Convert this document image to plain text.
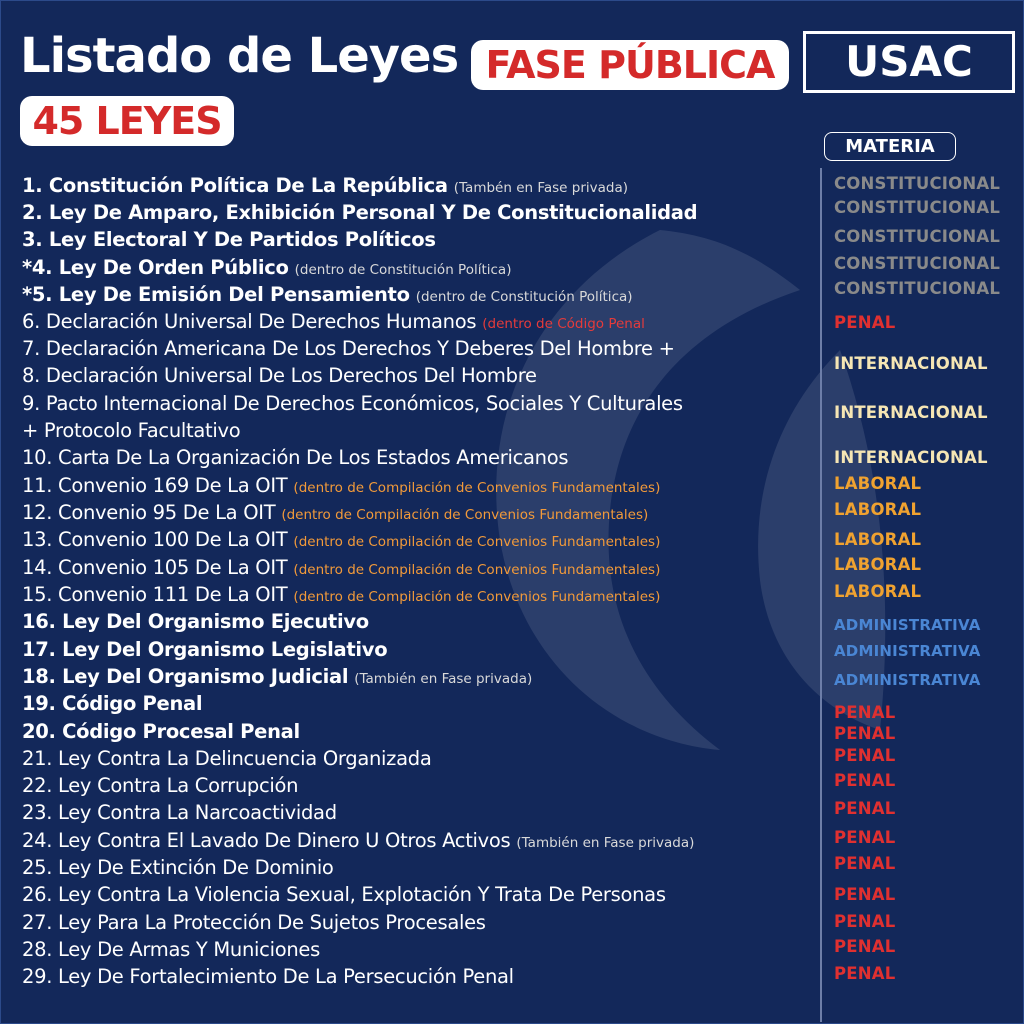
Listado de Leyes FASE PÚBLICA
45 LEYES
USAC
MATERIA
1. Constitución Política De La República (Tambén en Fase privada)
2. Ley De Amparo, Exhibición Personal Y De Constitucionalidad
3. Ley Electoral Y De Partidos Políticos
*4. Ley De Orden Público (dentro de Constitución Política)
*5. Ley De Emisión Del Pensamiento (dentro de Constitución Política)
6. Declaración Universal De Derechos Humanos (dentro de Código Penal
7. Declaración Americana De Los Derechos Y Deberes Del Hombre +
8. Declaración Universal De Los Derechos Del Hombre
9. Pacto Internacional De Derechos Económicos, Sociales Y Culturales
+ Protocolo Facultativo
10. Carta De La Organización De Los Estados Americanos
11. Convenio 169 De La OIT (dentro de Compilación de Convenios Fundamentales)
12. Convenio 95 De La OIT (dentro de Compilación de Convenios Fundamentales)
13. Convenio 100 De La OIT (dentro de Compilación de Convenios Fundamentales)
14. Convenio 105 De La OIT (dentro de Compilación de Convenios Fundamentales)
15. Convenio 111 De La OIT (dentro de Compilación de Convenios Fundamentales)
16. Ley Del Organismo Ejecutivo
17. Ley Del Organismo Legislativo
18. Ley Del Organismo Judicial (También en Fase privada)
19. Código Penal
20. Código Procesal Penal
21. Ley Contra La Delincuencia Organizada
22. Ley Contra La Corrupción
23. Ley Contra La Narcoactividad
24. Ley Contra El Lavado De Dinero U Otros Activos (También en Fase privada)
25. Ley De Extinción De Dominio
26. Ley Contra La Violencia Sexual, Explotación Y Trata De Personas
27. Ley Para La Protección De Sujetos Procesales
28. Ley De Armas Y Municiones
29. Ley De Fortalecimiento De La Persecución Penal
CONSTITUCIONAL
CONSTITUCIONAL
CONSTITUCIONAL
CONSTITUCIONAL
CONSTITUCIONAL
PENAL
INTERNACIONAL
INTERNACIONAL
INTERNACIONAL
LABORAL
LABORAL
LABORAL
LABORAL
LABORAL
ADMINISTRATIVA
ADMINISTRATIVA
ADMINISTRATIVA
PENAL
PENAL
PENAL
PENAL
PENAL
PENAL
PENAL
PENAL
PENAL
PENAL
PENAL
